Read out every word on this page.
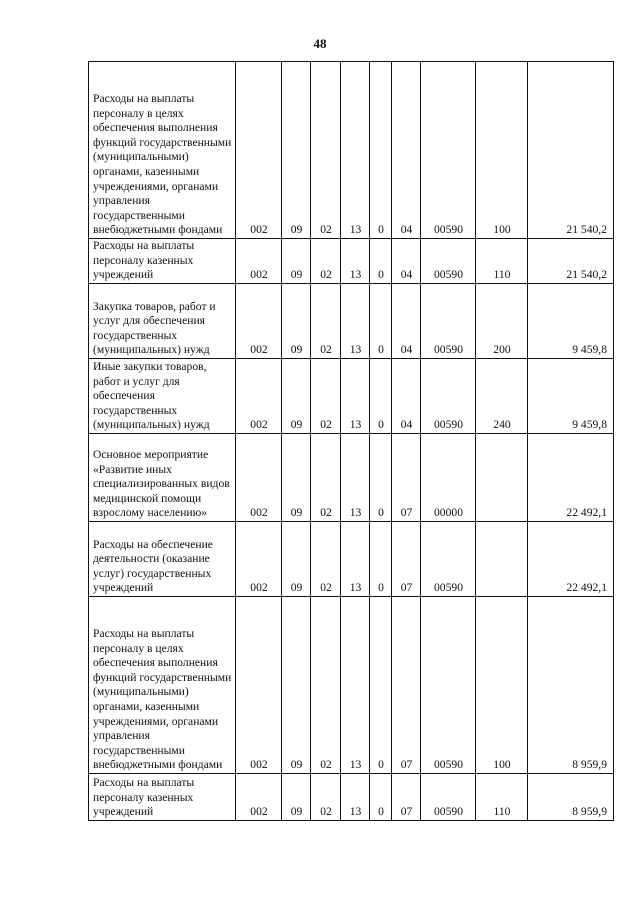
48
Расходы на выплаты персоналу в целях обеспечения выполнения функций государственными (муниципальными) органами, казенными учреждениями, органами управления государственными внебюджетными фондами	002	09	02	13	0	04	00590	100	21 540,2
Расходы на выплаты персоналу казенных учреждений	002	09	02	13	0	04	00590	110	21 540,2
Закупка товаров, работ и услуг для обеспечения государственных (муниципальных) нужд	002	09	02	13	0	04	00590	200	9 459,8
Иные закупки товаров, работ и услуг для обеспечения государственных (муниципальных) нужд	002	09	02	13	0	04	00590	240	9 459,8
Основное мероприятие «Развитие иных специализированных видов медицинской помощи взрослому населению»	002	09	02	13	0	07	00000		22 492,1
Расходы на обеспечение деятельности (оказание услуг) государственных учреждений	002	09	02	13	0	07	00590		22 492,1
Расходы на выплаты персоналу в целях обеспечения выполнения функций государственными (муниципальными) органами, казенными учреждениями, органами управления государственными внебюджетными фондами	002	09	02	13	0	07	00590	100	8 959,9
Расходы на выплаты персоналу казенных учреждений	002	09	02	13	0	07	00590	110	8 959,9
